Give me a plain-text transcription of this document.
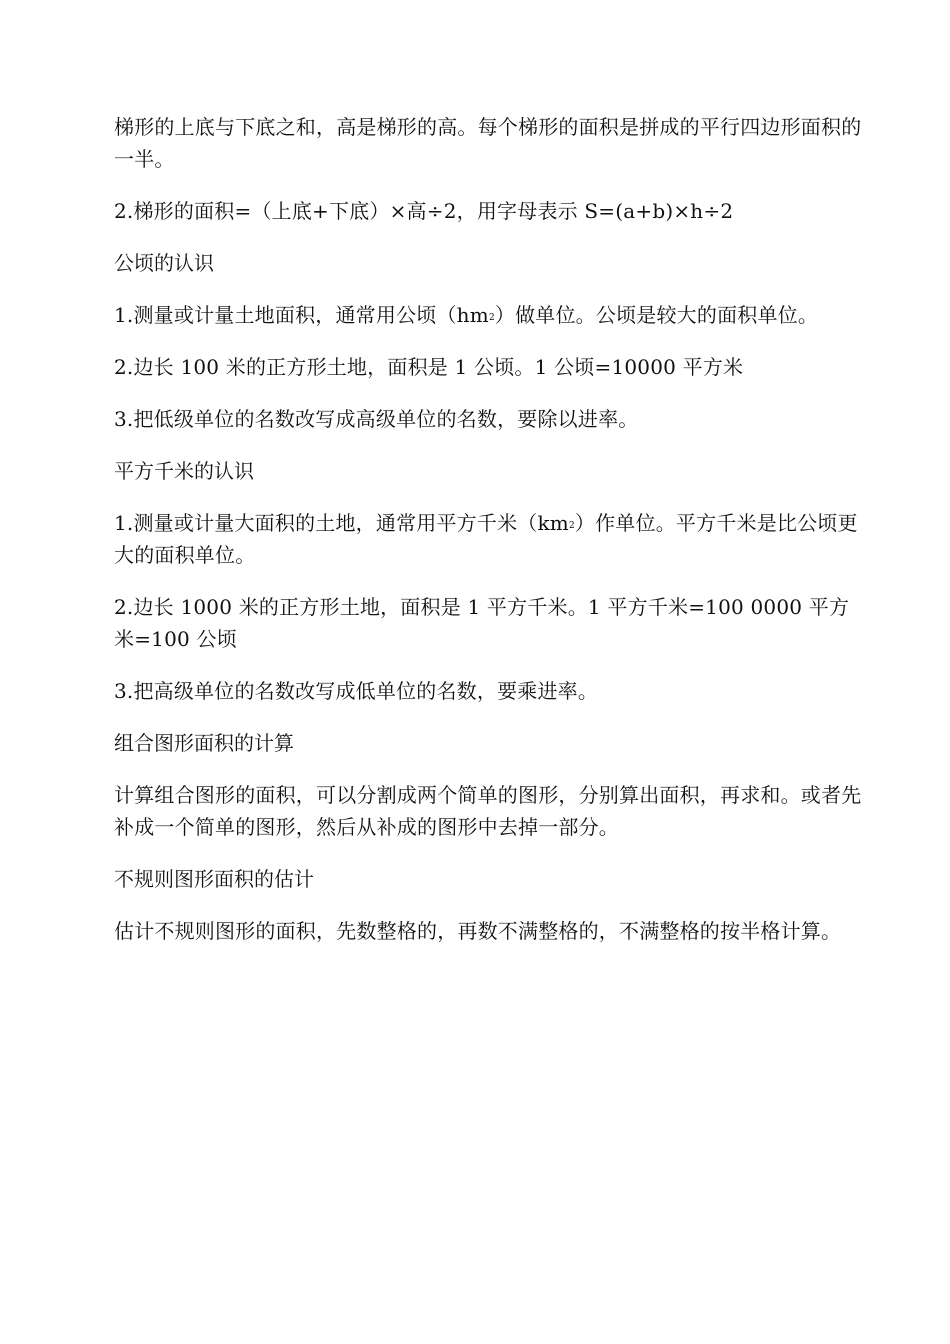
梯形的上底与下底之和，高是梯形的高。每个梯形的面积是拼成的平行四边形面积的一半。

2.梯形的面积=（上底+下底）×高÷2，用字母表示 S=(a+b)×h÷2

公顷的认识

1.测量或计量土地面积，通常用公顷$(hm^2)$做单位。公顷是较大的面积单位。

2.边长 100 米的正方形土地，面积是 1 公顷。1 公顷=10000 平方米

3.把低级单位的名数改写成高级单位的名数，要除以进率。

平方千米的认识

1.测量或计量大面积的土地，通常用平方千米$(km^2)$作单位。平方千米是比公顷更大的面积单位。

2.边长 1000 米的正方形土地，面积是 1 平方千米。1 平方千米=100 0000 平方米=100 公顷

3.把高级单位的名数改写成低单位的名数，要乘进率。

组合图形面积的计算

计算组合图形的面积，可以分割成两个简单的图形，分别算出面积，再求和。或者先补成一个简单的图形，然后从补成的图形中去掉一部分。

不规则图形面积的估计

估计不规则图形的面积，先数整格的，再数不满整格的，不满整格的按半格计算。
